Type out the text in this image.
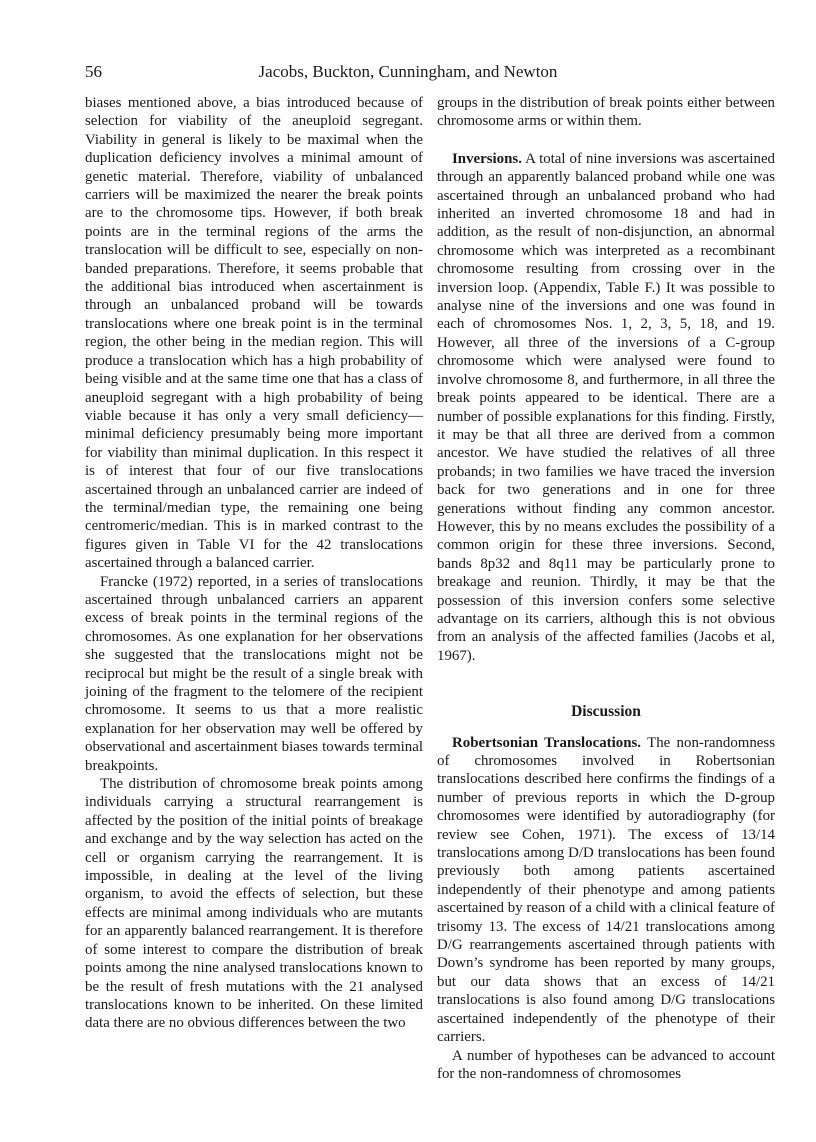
56	Jacobs, Buckton, Cunningham, and Newton

biases mentioned above, a bias introduced because of selection for viability of the aneuploid segregant. Viability in general is likely to be maximal when the duplication deficiency involves a minimal amount of genetic material. Therefore, viability of unbalanced carriers will be maximized the nearer the break points are to the chromosome tips. However, if both break points are in the terminal regions of the arms the translocation will be difficult to see, especially on non-banded preparations. Therefore, it seems probable that the additional bias introduced when ascertainment is through an unbalanced proband will be towards translocations where one break point is in the terminal region, the other being in the median region. This will produce a translocation which has a high probability of being visible and at the same time one that has a class of aneuploid segregant with a high probability of being viable because it has only a very small deficiency—minimal deficiency presumably being more important for viability than minimal duplication. In this respect it is of interest that four of our five translocations ascertained through an unbalanced carrier are indeed of the terminal/median type, the remaining one being centromeric/median. This is in marked contrast to the figures given in Table VI for the 42 translocations ascertained through a balanced carrier.

Francke (1972) reported, in a series of translocations ascertained through unbalanced carriers an apparent excess of break points in the terminal regions of the chromosomes. As one explanation for her observations she suggested that the translocations might not be reciprocal but might be the result of a single break with joining of the fragment to the telomere of the recipient chromosome. It seems to us that a more realistic explanation for her observation may well be offered by observational and ascertainment biases towards terminal breakpoints.

The distribution of chromosome break points among individuals carrying a structural rearrangement is affected by the position of the initial points of breakage and exchange and by the way selection has acted on the cell or organism carrying the rearrangement. It is impossible, in dealing at the level of the living organism, to avoid the effects of selection, but these effects are minimal among individuals who are mutants for an apparently balanced rearrangement. It is therefore of some interest to compare the distribution of break points among the nine analysed translocations known to be the result of fresh mutations with the 21 analysed translocations known to be inherited. On these limited data there are no obvious differences between the two

groups in the distribution of break points either between chromosome arms or within them.

Inversions. A total of nine inversions was ascertained through an apparently balanced proband while one was ascertained through an unbalanced proband who had inherited an inverted chromosome 18 and had in addition, as the result of non-disjunction, an abnormal chromosome which was interpreted as a recombinant chromosome resulting from crossing over in the inversion loop. (Appendix, Table F.) It was possible to analyse nine of the inversions and one was found in each of chromosomes Nos. 1, 2, 3, 5, 18, and 19. However, all three of the inversions of a C-group chromosome which were analysed were found to involve chromosome 8, and furthermore, in all three the break points appeared to be identical. There are a number of possible explanations for this finding. Firstly, it may be that all three are derived from a common ancestor. We have studied the relatives of all three probands; in two families we have traced the inversion back for two generations and in one for three generations without finding any common ancestor. However, this by no means excludes the possibility of a common origin for these three inversions. Second, bands 8p32 and 8q11 may be particularly prone to breakage and reunion. Thirdly, it may be that the possession of this inversion confers some selective advantage on its carriers, although this is not obvious from an analysis of the affected families (Jacobs et al, 1967).

Discussion

Robertsonian Translocations. The non-randomness of chromosomes involved in Robertsonian translocations described here confirms the findings of a number of previous reports in which the D-group chromosomes were identified by autoradiography (for review see Cohen, 1971). The excess of 13/14 translocations among D/D translocations has been found previously both among patients ascertained independently of their phenotype and among patients ascertained by reason of a child with a clinical feature of trisomy 13. The excess of 14/21 translocations among D/G rearrangements ascertained through patients with Down’s syndrome has been reported by many groups, but our data shows that an excess of 14/21 translocations is also found among D/G translocations ascertained independently of the phenotype of their carriers.

A number of hypotheses can be advanced to account for the non-randomness of chromosomes
